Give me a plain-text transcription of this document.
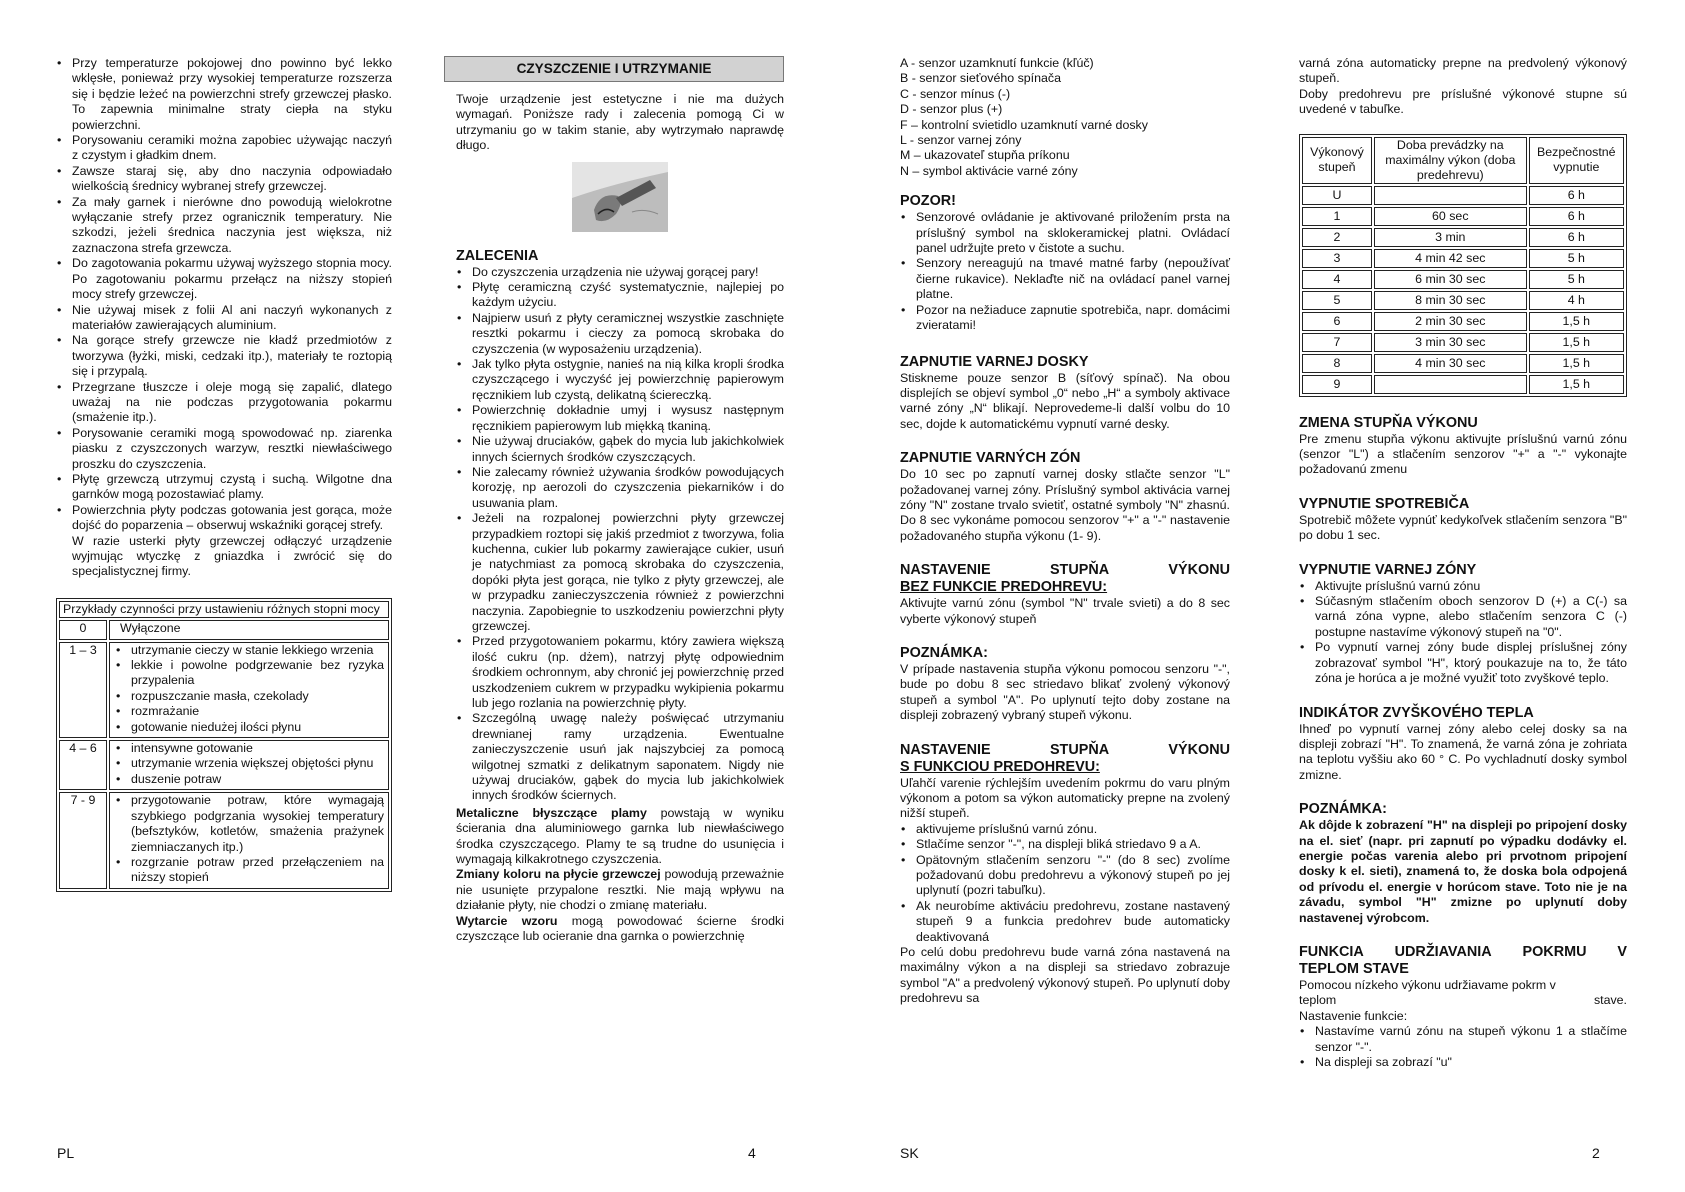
• Przy temperaturze pokojowej dno powinno być lekko wklęsłe, ponieważ przy wysokiej temperaturze rozszerza się i będzie leżeć na powierzchni strefy grzewczej płasko. To zapewnia minimalne straty ciepła na styku powierzchni.
• Porysowaniu ceramiki można zapobiec używając naczyń z czystym i gładkim dnem.
• Zawsze staraj się, aby dno naczynia odpowiadało wielkością średnicy wybranej strefy grzewczej.
• Za mały garnek i nierówne dno powodują wielokrotne wyłączanie strefy przez ogranicznik temperatury. Nie szkodzi, jeżeli średnica naczynia jest większa, niż zaznaczona strefa grzewcza.
• Do zagotowania pokarmu używaj wyższego stopnia mocy. Po zagotowaniu pokarmu przełącz na niższy stopień mocy strefy grzewczej.
• Nie używaj misek z folii Al ani naczyń wykonanych z materiałów zawierających aluminium.
• Na gorące strefy grzewcze nie kładź przedmiotów z tworzywa (łyżki, miski, cedzaki itp.), materiały te roztopią się i przypalą.
• Przegrzane tłuszcze i oleje mogą się zapalić, dlatego uważaj na nie podczas przygotowania pokarmu (smażenie itp.).
• Porysowanie ceramiki mogą spowodować np. ziarenka piasku z czyszczonych warzyw, resztki niewłaściwego proszku do czyszczenia.
• Płytę grzewczą utrzymuj czystą i suchą. Wilgotne dna garnków mogą pozostawiać plamy.
• Powierzchnia płyty podczas gotowania jest gorąca, może dojść do poparzenia – obserwuj wskaźniki gorącej strefy.

W razie usterki płyty grzewczej odłączyć urządzenie wyjmując wtyczkę z gniazdka i zwrócić się do specjalistycznej firmy.

Przykłady czynności przy ustawieniu różnych stopni mocy
0	Wyłączone
1 – 3	• utrzymanie cieczy w stanie lekkiego wrzenia
• lekkie i powolne podgrzewanie bez ryzyka przypalenia
• rozpuszczanie masła, czekolady
• rozmrażanie
• gotowanie niedużej ilości płynu
4 – 6	• intensywne gotowanie
• utrzymanie wrzenia większej objętości płynu
• duszenie potraw
7 - 9	• przygotowanie potraw, które wymagają szybkiego podgrzania wysokiej temperatury (befsztyków, kotletów, smażenia prażynek ziemniaczanych itp.)
• rozgrzanie potraw przed przełączeniem na niższy stopień
CZYSZCZENIE I UTRZYMANIE

Twoje urządzenie jest estetyczne i nie ma dużych wymagań. Poniższe rady i zalecenia pomogą Ci w utrzymaniu go w takim stanie, aby wytrzymało naprawdę długo.

ZALECENIA
• Do czyszczenia urządzenia nie używaj gorącej pary!
• Płytę ceramiczną czyść systematycznie, najlepiej po każdym użyciu.
• Najpierw usuń z płyty ceramicznej wszystkie zaschnięte resztki pokarmu i cieczy za pomocą skrobaka do czyszczenia (w wyposażeniu urządzenia).
• Jak tylko płyta ostygnie, nanieś na nią kilka kropli środka czyszczącego i wyczyść jej powierzchnię papierowym ręcznikiem lub czystą, delikatną ściereczką.
• Powierzchnię dokładnie umyj i wysusz następnym ręcznikiem papierowym lub miękką tkaniną.
• Nie używaj druciaków, gąbek do mycia lub jakichkolwiek innych ściernych środków czyszczących.
• Nie zalecamy również używania środków powodujących korozję, np aerozoli do czyszczenia piekarników i do usuwania plam.
• Jeżeli na rozpalonej powierzchni płyty grzewczej przypadkiem roztopi się jakiś przedmiot z tworzywa, folia kuchenna, cukier lub pokarmy zawierające cukier, usuń je natychmiast za pomocą skrobaka do czyszczenia, dopóki płyta jest gorąca, nie tylko z płyty grzewczej, ale w przypadku zanieczyszczenia również z powierzchni naczynia. Zapobiegnie to uszkodzeniu powierzchni płyty grzewczej.
• Przed przygotowaniem pokarmu, który zawiera większą ilość cukru (np. dżem), natrzyj płytę odpowiednim środkiem ochronnym, aby chronić jej powierzchnię przed uszkodzeniem cukrem w przypadku wykipienia pokarmu lub jego rozlania na powierzchnię płyty.
• Szczególną uwagę należy poświęcać utrzymaniu drewnianej ramy urządzenia. Ewentualne zanieczyszczenie usuń jak najszybciej za pomocą wilgotnej szmatki z delikatnym saponatem. Nigdy nie używaj druciaków, gąbek do mycia lub jakichkolwiek innych środków ściernych.

Metaliczne błyszczące plamy powstają w wyniku ścierania dna aluminiowego garnka lub niewłaściwego środka czyszczącego. Plamy te są trudne do usunięcia i wymagają kilkakrotnego czyszczenia.

Zmiany koloru na płycie grzewczej powodują przeważnie nie usunięte przypalone resztki. Nie mają wpływu na działanie płyty, nie chodzi o zmianę materiału.

Wytarcie wzoru mogą powodować ścierne środki czyszczące lub ocieranie dna garnka o powierzchnię

A - senzor uzamknutí funkcie (kľúč)
B - senzor sieťového spínača
C - senzor mínus (-)
D - senzor plus (+)
F – kontrolní svietidlo uzamknutí varné dosky
L - senzor varnej zóny
M – ukazovateľ stupňa príkonu
N – symbol aktivácie varné zóny
POZOR!
• Senzorové ovládanie je aktivované priložením prsta na príslušný symbol na sklokeramickej platni. Ovládací panel udržujte preto v čistote a suchu.
• Senzory nereagujú na tmavé matné farby (nepoužívať čierne rukavice). Neklaďte nič na ovládací panel varnej platne.
• Pozor na nežiaduce zapnutie spotrebiča, napr. domácimi zvieratami!
ZAPNUTIE VARNEJ DOSKY

Stiskneme pouze senzor B (síťový spínač). Na obou displejích se objeví symbol „0“ nebo „H“ a symboly aktivace varné zóny „N“ blikají. Neprovedeme-li další volbu do 10 sec, dojde k automatickému vypnutí varné desky.

ZAPNUTIE VARNÝCH ZÓN

Do 10 sec po zapnutí varnej dosky stlačte senzor "L" požadovanej varnej zóny. Príslušný symbol aktivácia varnej zóny "N" zostane trvalo svietiť, ostatné symboly "N" zhasnú. Do 8 sec vykonáme pomocou senzorov "+" a "-" nastavenie požadovaného stupňa výkonu (1- 9).

NASTAVENIE	STUPŇA	VÝKONU
BEZ FUNKCIE PREDOHREVU:

Aktivujte varnú zónu (symbol "N" trvale svieti) a do 8 sec vyberte výkonový stupeň

POZNÁMKA:

V prípade nastavenia stupňa výkonu pomocou senzoru "-", bude po dobu 8 sec striedavo blikať zvolený výkonový stupeň a symbol "A". Po uplynutí tejto doby zostane na displeji zobrazený vybraný stupeň výkonu.

NASTAVENIE	STUPŇA	VÝKONU
S FUNKCIOU PREDOHREVU:

Uľahčí varenie rýchlejším uvedením pokrmu do varu plným výkonom a potom sa výkon automaticky prepne na zvolený nižší stupeň.

• aktivujeme príslušnú varnú zónu.
• Stlačíme senzor "-", na displeji bliká striedavo 9 a A.
• Opätovným stlačením senzoru "-" (do 8 sec) zvolíme požadovanú dobu predohrevu a výkonový stupeň po jej uplynutí (pozri tabuľku).
• Ak neurobíme aktiváciu predohrevu, zostane nastavený stupeň 9 a funkcia predohrev bude automaticky deaktivovaná

Po celú dobu predohrevu bude varná zóna nastavená na maximálny výkon a na displeji sa striedavo zobrazuje symbol "A" a predvolený výkonový stupeň. Po uplynutí doby predohrevu sa

varná zóna automaticky prepne na predvolený výkonový stupeň.

Doby predohrevu pre príslušné výkonové stupne sú uvedené v tabuľke.

Výkonový stupeň	Doba prevádzky na maximálny výkon (doba predehrevu)	Bezpečnostné vypnutie
U		6 h
1	60 sec	6 h
2	3 min	6 h
3	4 min 42 sec	5 h
4	6 min 30 sec	5 h
5	8 min 30 sec	4 h
6	2 min 30 sec	1,5 h
7	3 min 30 sec	1,5 h
8	4 min 30 sec	1,5 h
9		1,5 h
ZMENA STUPŇA VÝKONU

Pre zmenu stupňa výkonu aktivujte príslušnú varnú zónu (senzor "L") a stlačením senzorov "+" a "-" vykonajte požadovanú zmenu

VYPNUTIE SPOTREBIČA

Spotrebič môžete vypnúť kedykoľvek stlačením senzora "B" po dobu 1 sec.

VYPNUTIE VARNEJ ZÓNY
• Aktivujte príslušnú varnú zónu
• Súčasným stlačením oboch senzorov D (+) a C(-) sa varná zóna vypne, alebo stlačením senzora C (-) postupne nastavíme výkonový stupeň na "0".
• Po vypnutí varnej zóny bude displej príslušnej zóny zobrazovať symbol "H", ktorý poukazuje na to, že táto zóna je horúca a je možné využiť toto zvyškové teplo.
INDIKÁTOR ZVYŠKOVÉHO TEPLA

Ihneď po vypnutí varnej zóny alebo celej dosky sa na displeji zobrazí "H". To znamená, že varná zóna je zohriata na teplotu vyššiu ako 60 ° C. Po vychladnutí dosky symbol zmizne.

POZNÁMKA:

Ak dôjde k zobrazení "H" na displeji po pripojení dosky na el. sieť (napr. pri zapnutí po výpadku dodávky el. energie počas varenia alebo pri prvotnom pripojení dosky k el. sieti), znamená to, že doska bola odpojená od prívodu el. energie v horúcom stave. Toto nie je na závadu, symbol "H" zmizne po uplynutí doby nastavenej výrobcom.

FUNKCIA UDRŽIAVANIA POKRMU V
TEPLOM STAVE

Pomocou nízkeho výkonu udržiavame pokrm v

teplom	stave.

Nastavenie funkcie:

• Nastavíme varnú zónu na stupeň výkonu 1 a stlačíme senzor "-".
• Na displeji sa zobrazí "u"
PL	4	SK	2
